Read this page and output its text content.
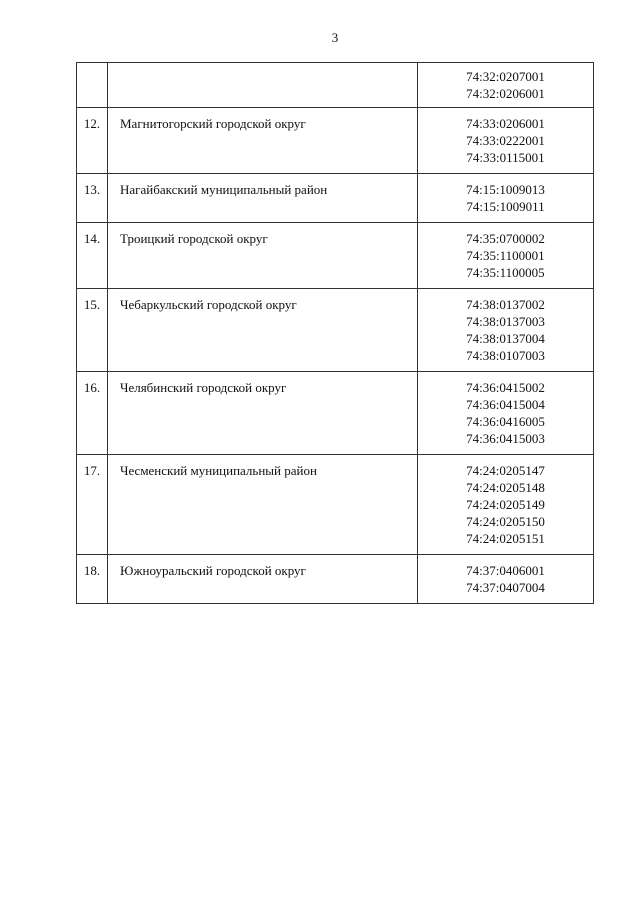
3

		74:32:0207001
74:32:0206001

12.	Магнитогорский городской округ	74:33:0206001
74:33:0222001
74:33:0115001

13.	Нагайбакский муниципальный район	74:15:1009013
74:15:1009011

14.	Троицкий городской округ	74:35:0700002
74:35:1100001
74:35:1100005

15.	Чебаркульский городской округ	74:38:0137002
74:38:0137003
74:38:0137004
74:38:0107003

16.	Челябинский городской округ	74:36:0415002
74:36:0415004
74:36:0416005
74:36:0415003

17.	Чесменский муниципальный район	74:24:0205147
74:24:0205148
74:24:0205149
74:24:0205150
74:24:0205151

18.	Южноуральский городской округ	74:37:0406001
74:37:0407004
